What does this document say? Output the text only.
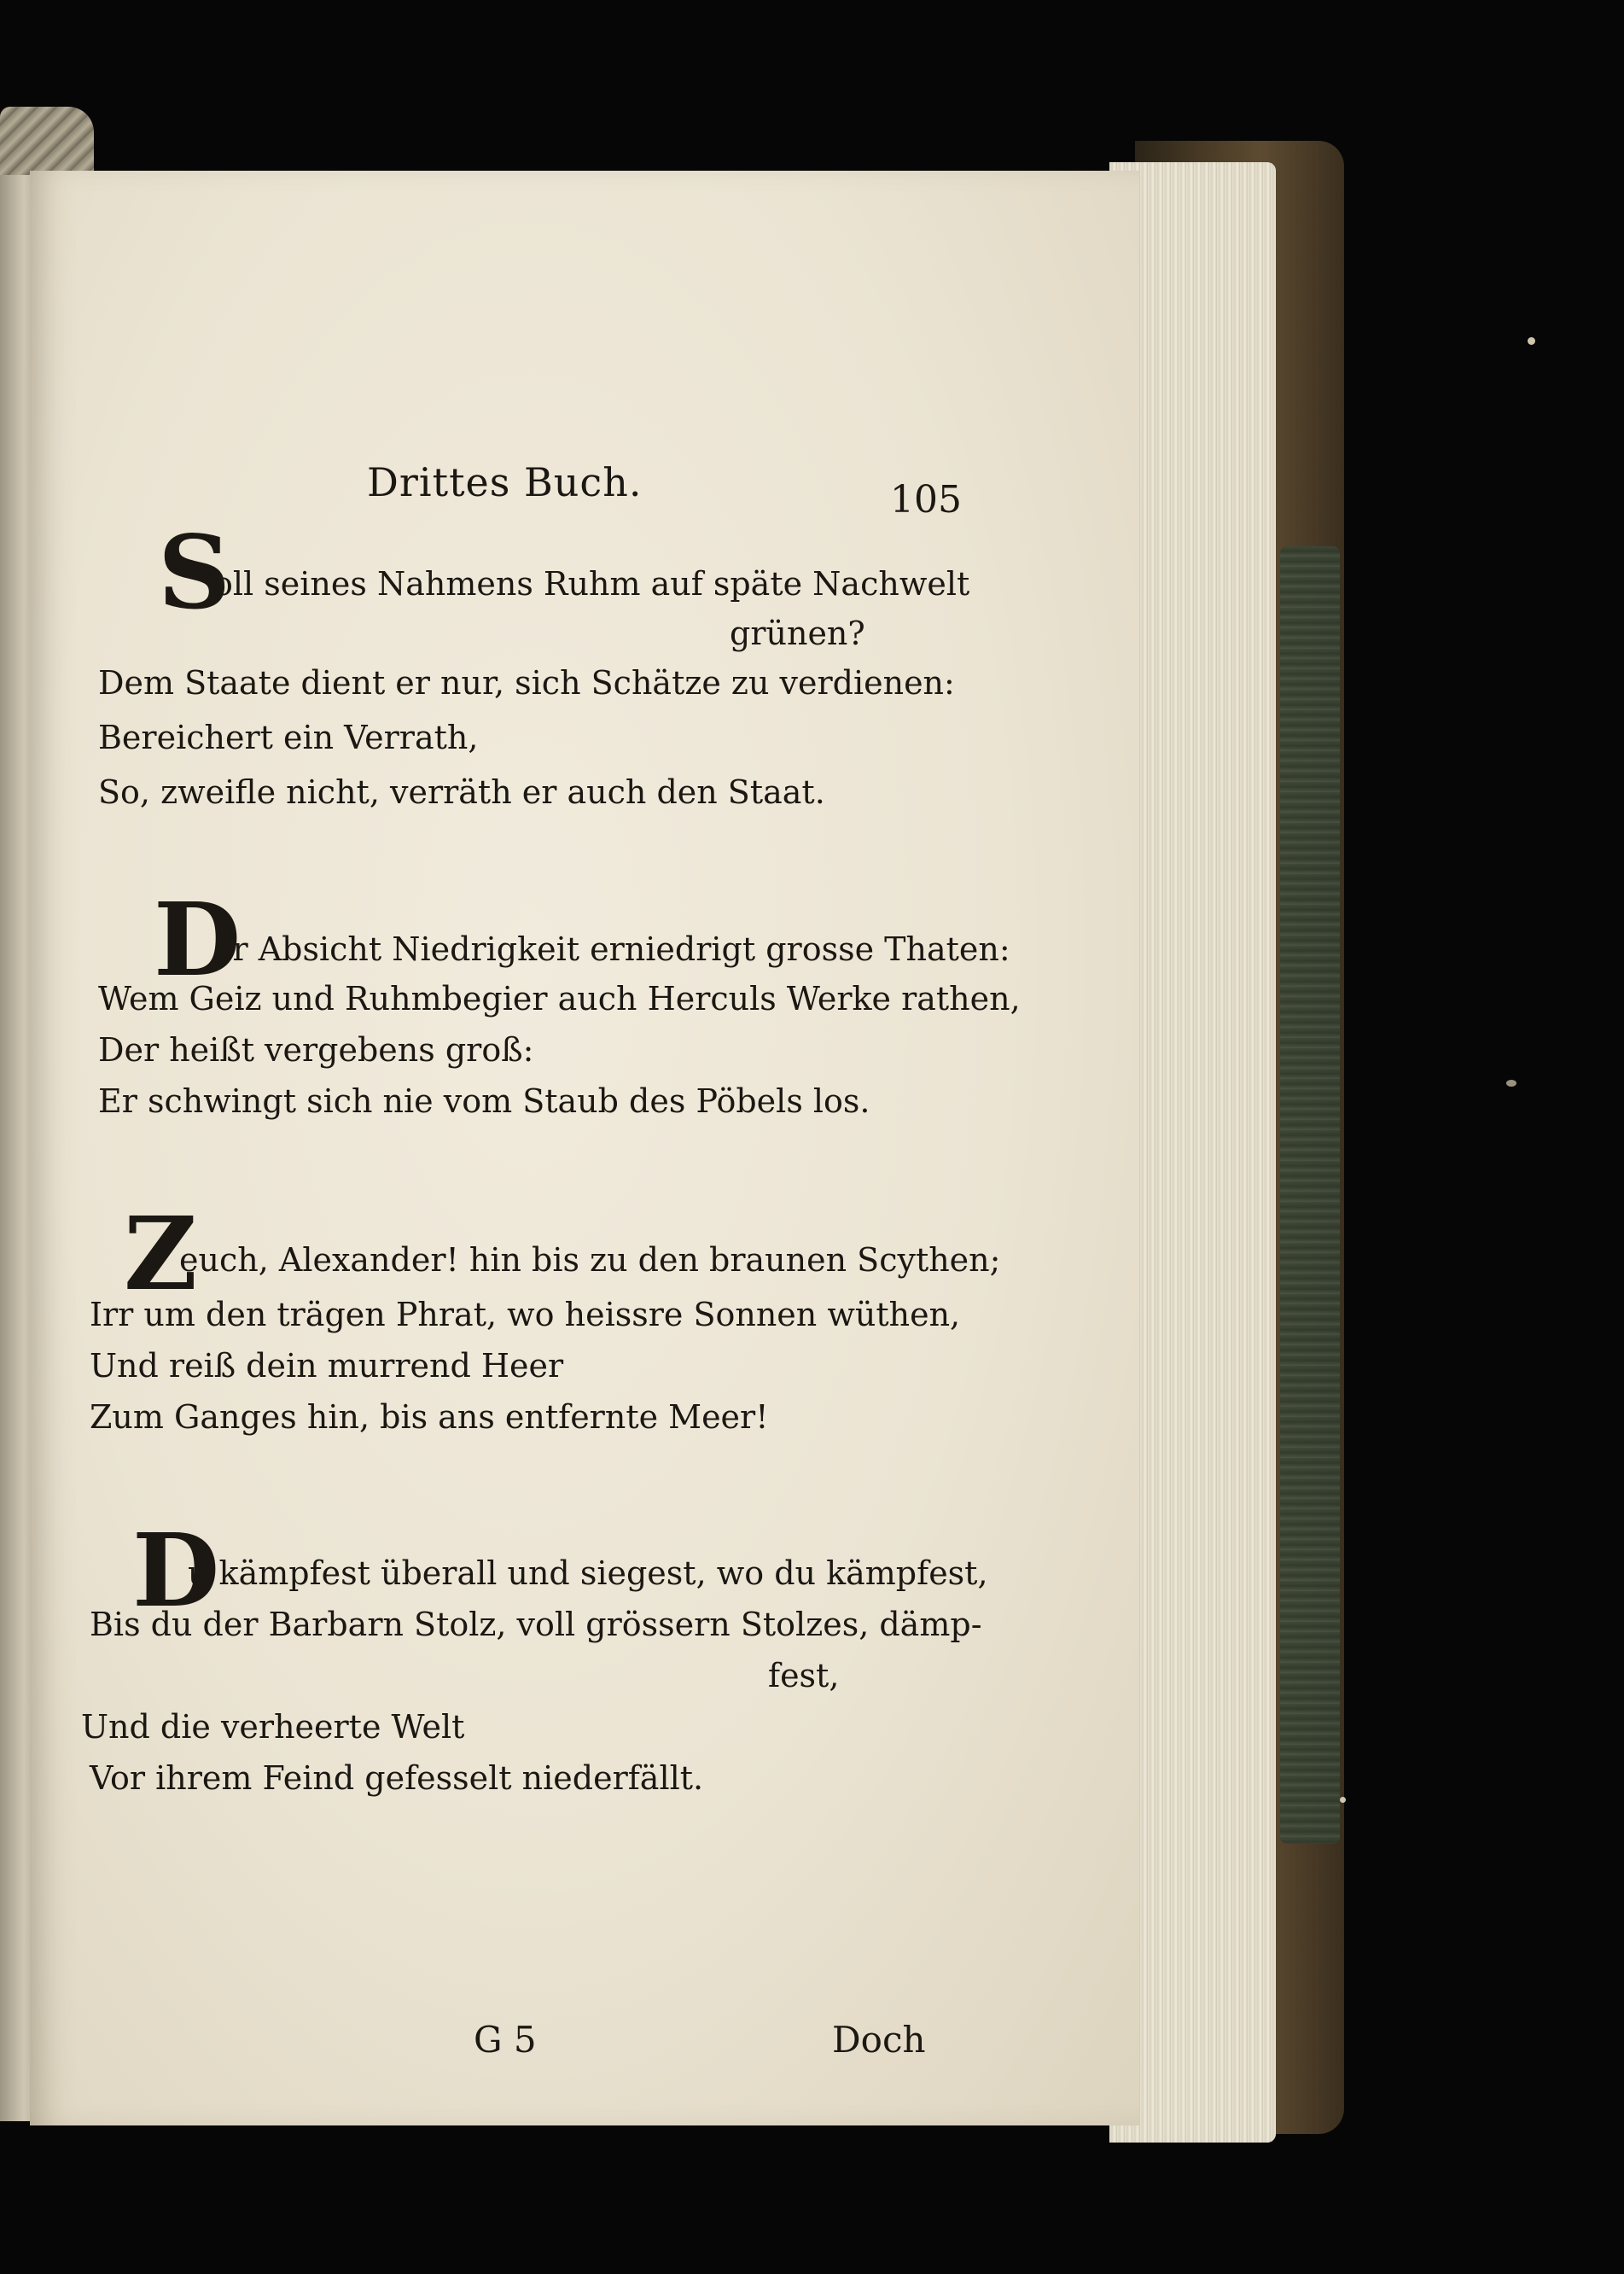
Drittes Buch.	105
S
oll seines Nahmens Ruhm auf späte Nachwelt
grünen?
Dem Staate dient er nur, sich Schätze zu verdienen:
Bereichert ein Verrath,
So, zweifle nicht, verräth er auch den Staat.
D
er Absicht Niedrigkeit erniedrigt grosse Thaten:
Wem Geiz und Ruhmbegier auch Herculs Werke rathen,
Der heißt vergebens groß:
Er schwingt sich nie vom Staub des Pöbels los.
Z
euch, Alexander! hin bis zu den braunen Scythen;
Irr um den trägen Phrat, wo heissre Sonnen wüthen,
Und reiß dein murrend Heer
Zum Ganges hin, bis ans entfernte Meer!
D
u kämpfest überall und siegest, wo du kämpfest,
Bis du der Barbarn Stolz, voll grössern Stolzes, dämp-
fest,
Und die verheerte Welt
Vor ihrem Feind gefesselt niederfällt.
G 5	Doch
